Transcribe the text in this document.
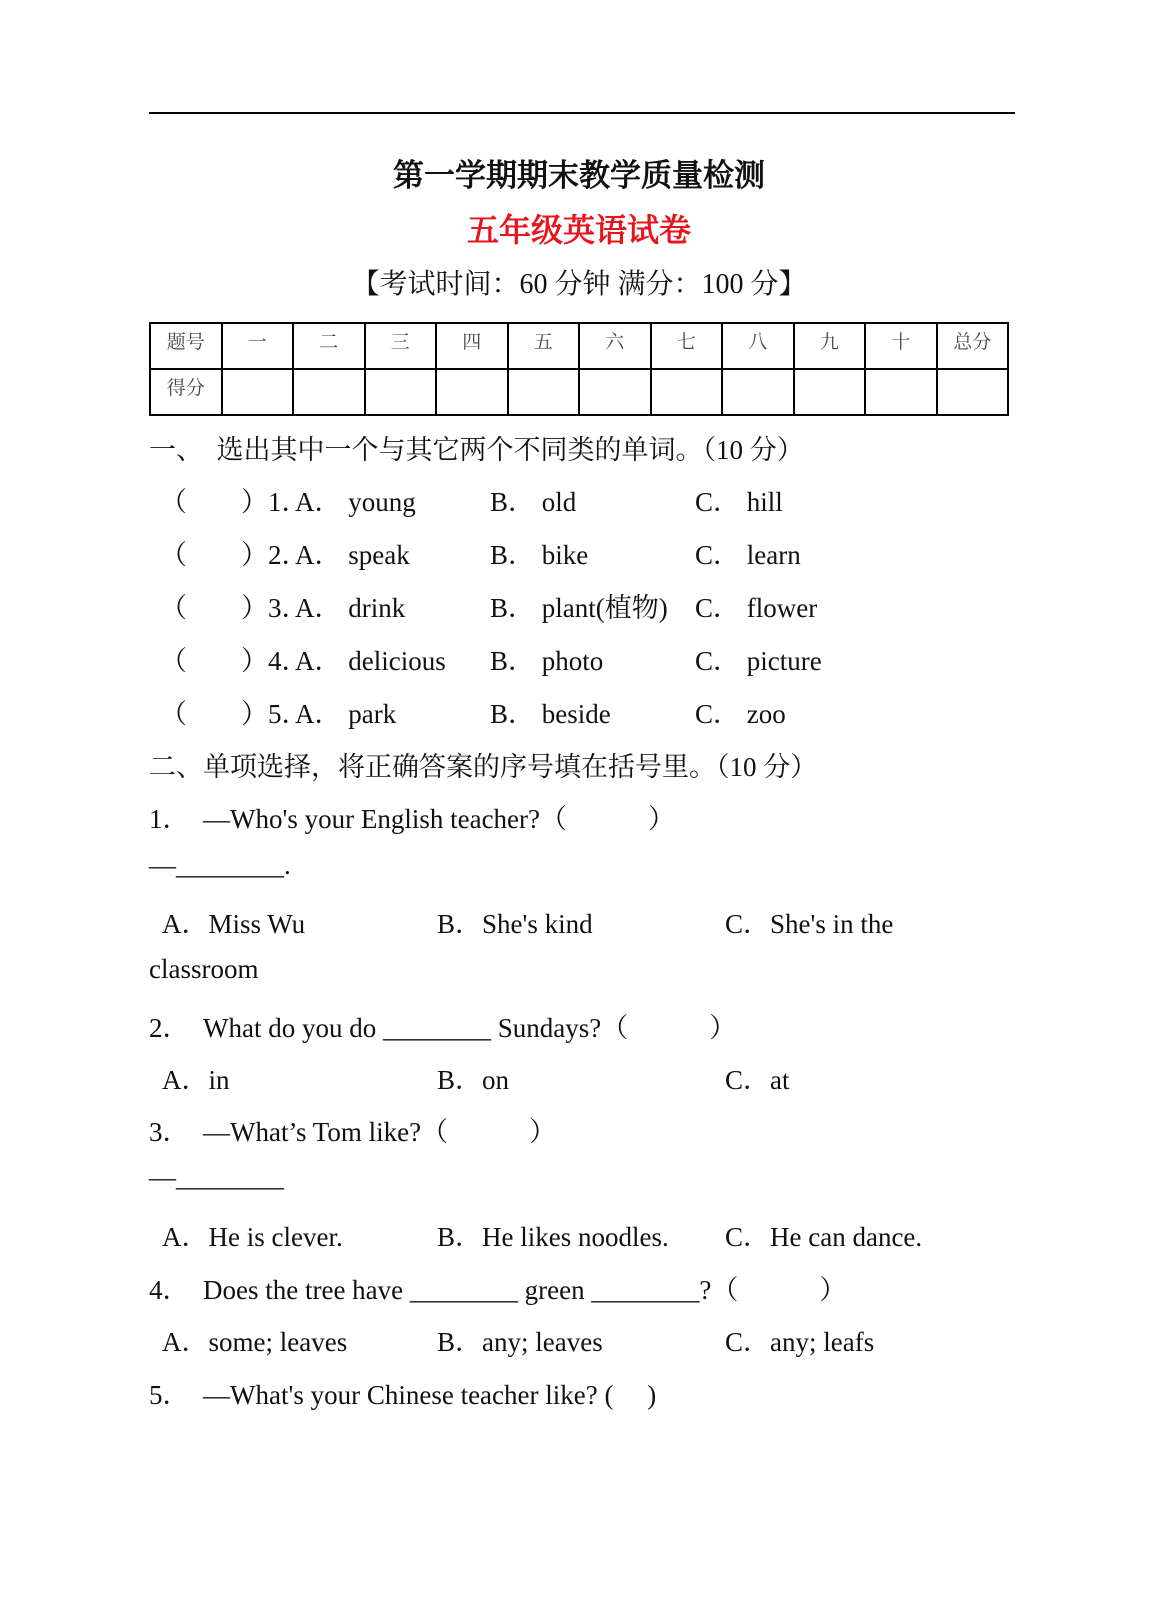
第一学期期末教学质量检测
五年级英语试卷
【考试时间：60 分钟 满分：100 分】
题号	一	二	三	四	五	六	七	八	九	十	总分
得分											
一、  选出其中一个与其它两个不同类的单词。（10 分）
（　　）1．
A． young	B． old	C． hill
（　　）2．
A． speak	B． bike	C． learn
（　　）3．
A． drink	B． plant(植物) C． flower
（　　）4．
A． delicious B． photo	C． picture
（　　）5．
A． park	B． beside	C． zoo
二、单项选择，将正确答案的序号填在括号里。（10 分）
1．　—Who's your English teacher?（　　　）
—________.
A．Miss Wu	B．She's kind	C．She's in the
classroom
2．　What do you do ________ Sundays?（　　　）
A．in	B．on	C．at
3．　—What’s Tom like?（　　　）
—________
A．He is clever.	B．He likes noodles. C．He can dance.
4．　Does the tree have ________ green ________?（　　　）
A．some; leaves	B．any; leaves	C．any; leafs
5．　—What's your Chinese teacher like? (　 )
